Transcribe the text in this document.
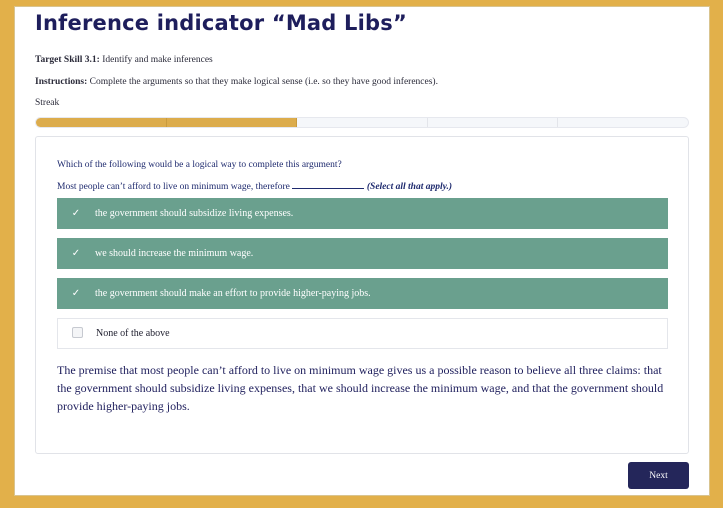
Inference indicator “Mad Libs”
Target Skill 3.1: Identify and make inferences
Instructions: Complete the arguments so that they make logical sense (i.e. so they have good inferences).
Streak
Which of the following would be a logical way to complete this argument?
Most people can’t afford to live on minimum wage, therefore	(Select all that apply.)
✓	the government should subsidize living expenses.
✓	we should increase the minimum wage.
✓	the government should make an effort to provide higher-paying jobs.
None of the above
The premise that most people can’t afford to live on minimum wage gives us a possible reason to believe all three claims: that the government should subsidize living expenses, that we should increase the minimum wage, and that the government should provide higher-paying jobs.
Next
